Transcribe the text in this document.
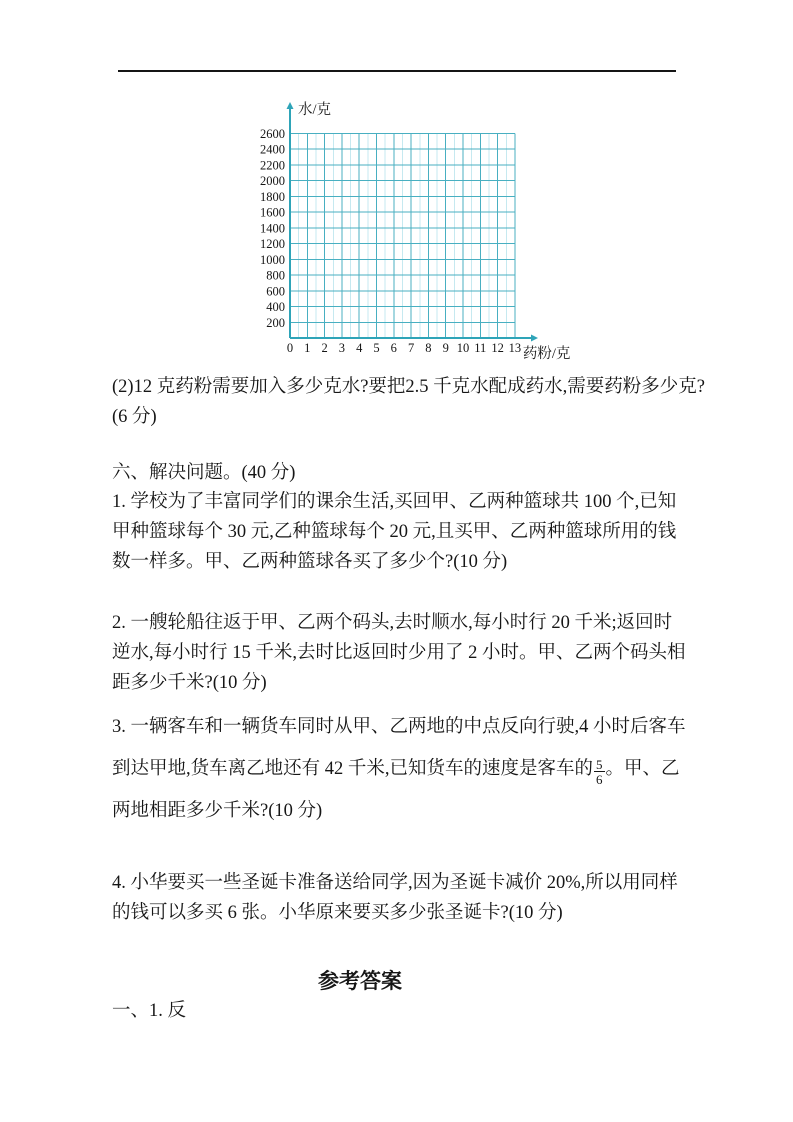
200
400
600
800
1000
1200
1400
1600
1800
2000
2200
2400
2600
0 1 2 3 4 5 6 7 8 9 10 11 12 13
水/克
药粉/克

(2)12 克药粉需要加入多少克水?要把2.5 千克水配成药水,需要药粉多少克?(6 分)

六、解决问题。(40 分)

1. 学校为了丰富同学们的课余生活,买回甲、乙两种篮球共 100 个,已知甲种篮球每个 30 元,乙种篮球每个 20 元,且买甲、乙两种篮球所用的钱数一样多。甲、乙两种篮球各买了多少个?(10 分)

2. 一艘轮船往返于甲、乙两个码头,去时顺水,每小时行 20 千米;返回时逆水,每小时行 15 千米,去时比返回时少用了 2 小时。甲、乙两个码头相距多少千米?(10 分)

3. 一辆客车和一辆货车同时从甲、乙两地的中点反向行驶,4 小时后客车到达甲地,货车离乙地还有 42 千米,已知货车的速度是客车的 $\frac{5}{6}$ 。甲、乙两地相距多少千米?(10 分)

4. 小华要买一些圣诞卡准备送给同学,因为圣诞卡减价 20%,所以用同样的钱可以多买 6 张。小华原来要买多少张圣诞卡?(10 分)

参考答案

一、1. 反
